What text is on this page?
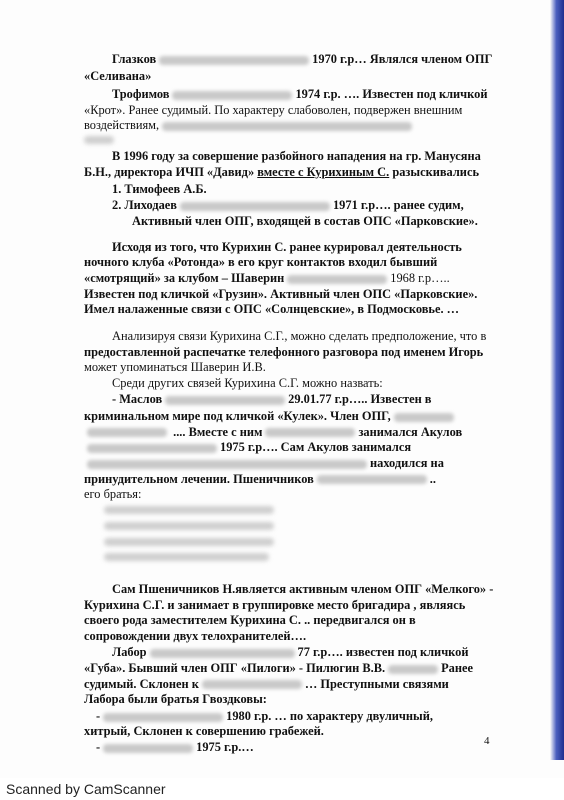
Глазков	1970 г.р… Являлся членом ОПГ
«Селивана»
Трофимов	1974 г.р. …. Известен под кличкой
«Крот». Ранее судимый. По характеру слабоволен, подвержен внешним
воздействиям,
В 1996 году за совершение разбойного нападения на гр. Манусяна
Б.Н., директора ИЧП «Давид» вместе с Курихиным С. разыскивались
1. Тимофеев А.Б.
2. Лиходаев	1971 г.р…. ранее судим,
Активный член ОПГ, входящей в состав ОПС «Парковские».
Исходя из того, что Курихин С. ранее курировал деятельность
ночного клуба «Ротонда» в его круг контактов входил бывший
«смотрящий» за клубом – Шаверин	1968 г.р…..
Известен под кличкой «Грузин». Активный член ОПС «Парковские».
Имел налаженные связи с ОПС «Солнцевские», в Подмосковье. …
Анализируя связи Курихина С.Г., можно сделать предположение, что в
предоставленной распечатке телефонного разговора под именем Игорь
может упоминаться Шаверин И.В.
Среди других связей Курихина С.Г. можно назвать:
- Маслов	29.01.77 г.р….. Известен в
криминальном мире под кличкой «Кулек». Член ОПГ,
.... Вместе с ним	занимался Акулов
1975 г.р…. Сам Акулов занимался
находился на
принудительном лечении. Пшеничников	..
его братья:
Сам Пшеничников Н.является активным членом ОПГ «Мелкого» -
Курихина С.Г. и занимает в группировке место бригадира , являясь
своего рода заместителем Курихина С. .. передвигался он в
сопровождении двух телохранителей….
Лабор	77 г.р…. известен под кличкой
«Губа». Бывший член ОПГ «Пилоги» - Пилюгин В.В.	Ранее
судимый. Склонен к	… Преступными связями
Лабора были братья Гвоздковы:
-	1980 г.р. … по характеру двуличный,
хитрый, Склонен к совершению грабежей.
-	1975 г.р.…	4
Scanned by CamScanner
